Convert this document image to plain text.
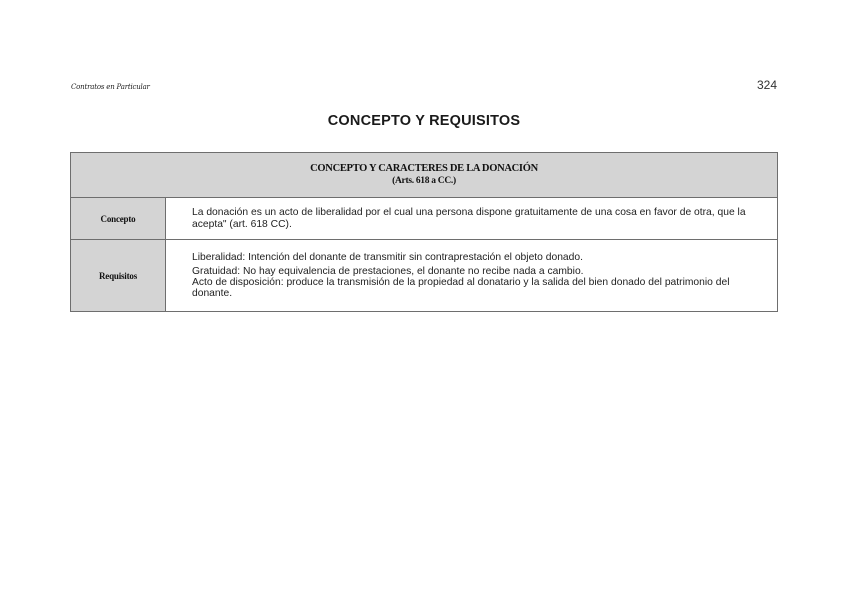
Contratos en Particular	324
CONCEPTO Y REQUISITOS
CONCEPTO Y CARACTERES DE LA DONACIÓN
(Arts. 618 a CC.)	

Concepto	La donación es un acto de liberalidad por el cual una persona dispone gratuitamente de una cosa en favor de otra, que la acepta" (art. 618 CC).

Requisitos	Liberalidad: Intención del donante de transmitir sin contraprestación el objeto donado.
Gratuidad: No hay equivalencia de prestaciones, el donante no recibe nada a cambio.
Acto de disposición: produce la transmisión de la propiedad al donatario y la salida del bien donado del patrimonio del donante.
